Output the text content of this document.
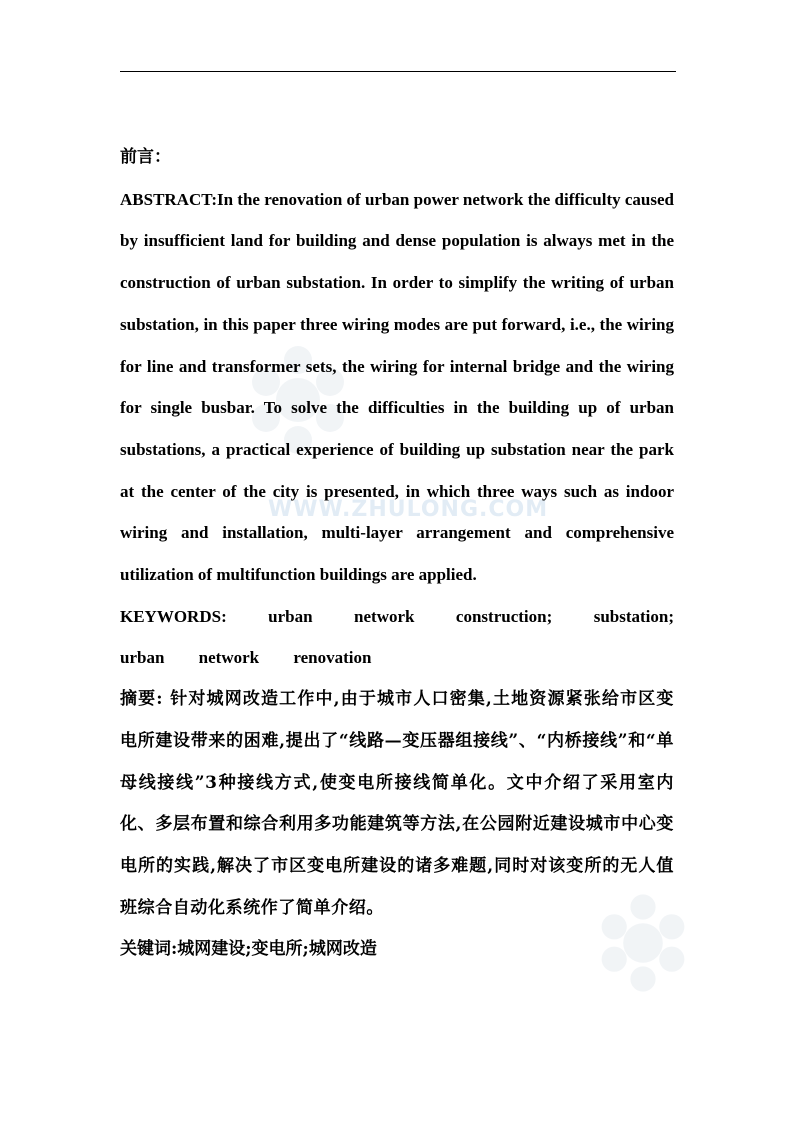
WWW.ZHULONG.COM

前言：

ABSTRACT:In the renovation of urban power network the difficulty caused by insufficient land for building and dense population is always met in the construction of urban substation. In order to simplify the writing of urban substation, in this paper three wiring modes are put forward, i.e., the wiring for line and transformer sets, the wiring for internal bridge and the wiring for single busbar. To solve the difficulties in the building up of urban substations, a practical experience of building up substation near the park at the center of the city is presented, in which three ways such as indoor wiring and installation, multi-layer arrangement and comprehensive utilization of multifunction buildings are applied.

KEYWORDS: urban network construction; substation; urban network renovation

摘要: 针对城网改造工作中,由于城市人口密集,土地资源紧张给市区变电所建设带来的困难,提出了“线路—变压器组接线”、“内桥接线”和“单母线接线”3种接线方式,使变电所接线简单化。文中介绍了采用室内化、多层布置和综合利用多功能建筑等方法,在公园附近建设城市中心变电所的实践,解决了市区变电所建设的诸多难题,同时对该变所的无人值班综合自动化系统作了简单介绍。

关键词:城网建设;变电所;城网改造
